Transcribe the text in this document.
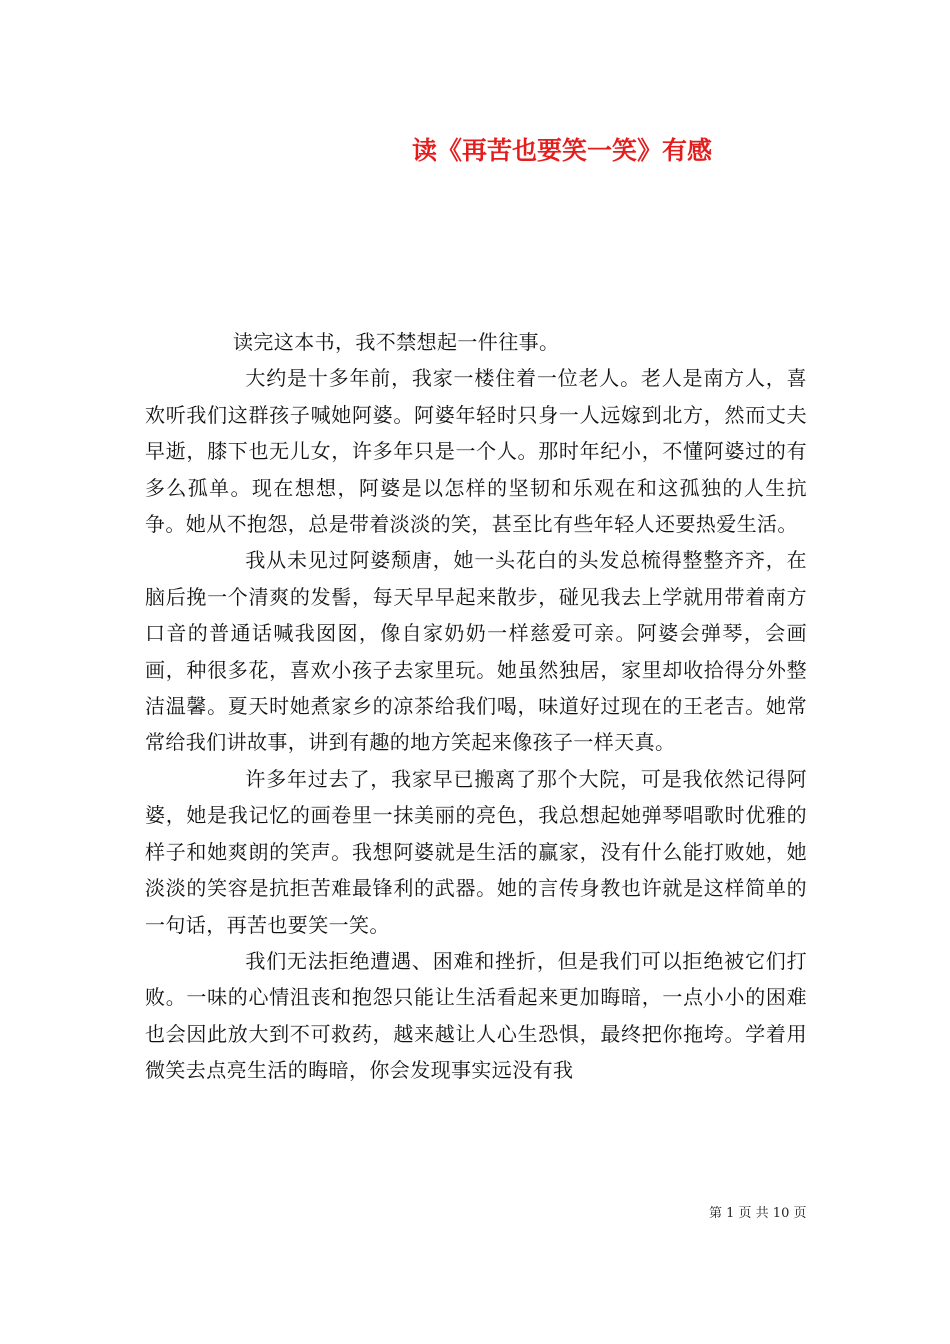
读《再苦也要笑一笑》有感

读完这本书，我不禁想起一件往事。

大约是十多年前，我家一楼住着一位老人。老人是南方人，喜欢听我们这群孩子喊她阿婆。阿婆年轻时只身一人远嫁到北方，然而丈夫早逝，膝下也无儿女，许多年只是一个人。那时年纪小，不懂阿婆过的有多么孤单。现在想想，阿婆是以怎样的坚韧和乐观在和这孤独的人生抗争。她从不抱怨，总是带着淡淡的笑，甚至比有些年轻人还要热爱生活。

我从未见过阿婆颓唐，她一头花白的头发总梳得整整齐齐，在脑后挽一个清爽的发髻，每天早早起来散步，碰见我去上学就用带着南方口音的普通话喊我囡囡，像自家奶奶一样慈爱可亲。阿婆会弹琴，会画画，种很多花，喜欢小孩子去家里玩。她虽然独居，家里却收拾得分外整洁温馨。夏天时她煮家乡的凉茶给我们喝，味道好过现在的王老吉。她常常给我们讲故事，讲到有趣的地方笑起来像孩子一样天真。

许多年过去了，我家早已搬离了那个大院，可是我依然记得阿婆，她是我记忆的画卷里一抹美丽的亮色，我总想起她弹琴唱歌时优雅的样子和她爽朗的笑声。我想阿婆就是生活的赢家，没有什么能打败她，她淡淡的笑容是抗拒苦难最锋利的武器。她的言传身教也许就是这样简单的一句话，再苦也要笑一笑。

我们无法拒绝遭遇、困难和挫折，但是我们可以拒绝被它们打败。一味的心情沮丧和抱怨只能让生活看起来更加晦暗，一点小小的困难也会因此放大到不可救药，越来越让人心生恐惧，最终把你拖垮。学着用微笑去点亮生活的晦暗，你会发现事实远没有我

第 1 页 共 10 页
